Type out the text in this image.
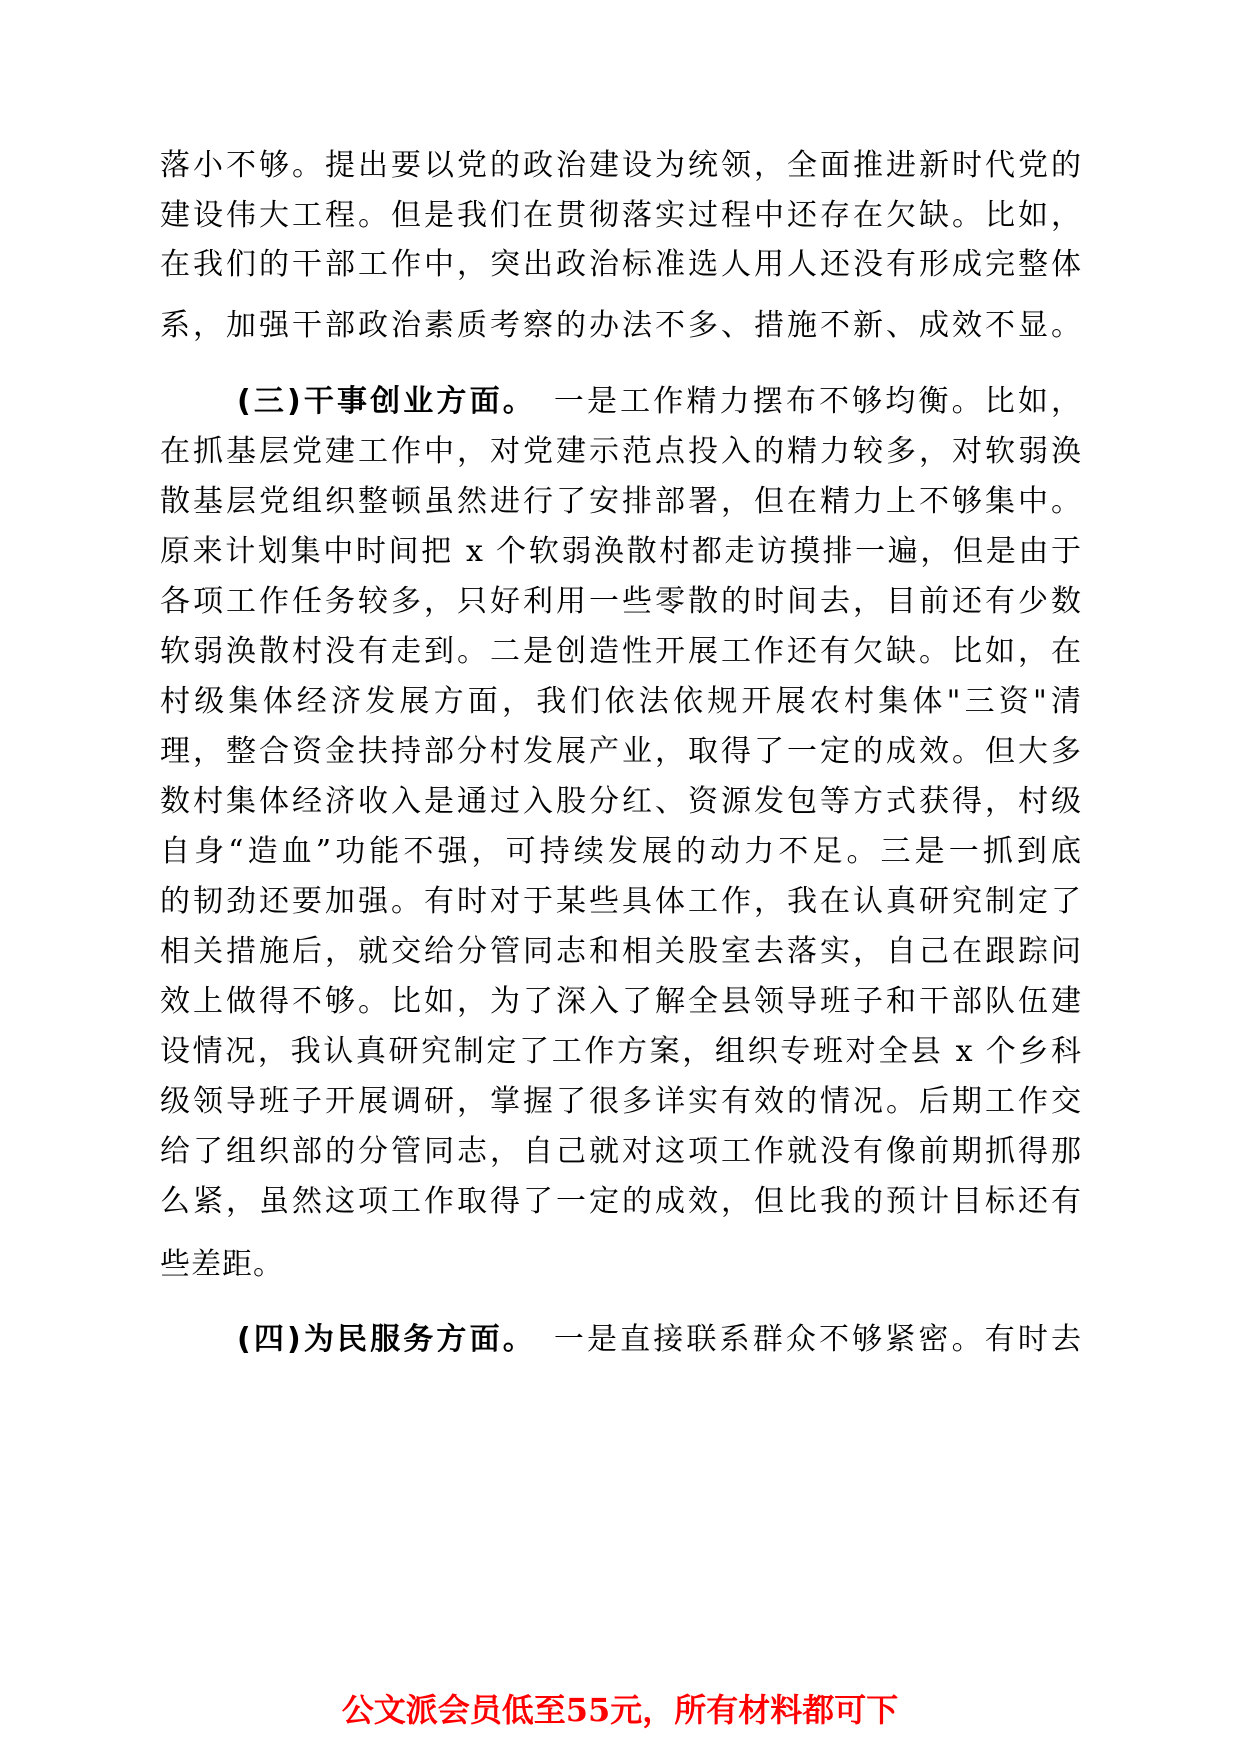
落小不够。提出要以党的政治建设为统领，全面推进新时代党的
建设伟大工程。但是我们在贯彻落实过程中还存在欠缺。比如，
在我们的干部工作中，突出政治标准选人用人还没有形成完整体
系，加强干部政治素质考察的办法不多、措施不新、成效不显。
(三)干事创业方面。 一是工作精力摆布不够均衡。比如，
在抓基层党建工作中，对党建示范点投入的精力较多，对软弱涣
散基层党组织整顿虽然进行了安排部署，但在精力上不够集中。
原来计划集中时间把 x 个软弱涣散村都走访摸排一遍，但是由于
各项工作任务较多，只好利用一些零散的时间去，目前还有少数
软弱涣散村没有走到。二是创造性开展工作还有欠缺。比如，在
村级集体经济发展方面，我们依法依规开展农村集体"三资"清
理，整合资金扶持部分村发展产业，取得了一定的成效。但大多
数村集体经济收入是通过入股分红、资源发包等方式获得，村级
自身“造血”功能不强，可持续发展的动力不足。三是一抓到底
的韧劲还要加强。有时对于某些具体工作，我在认真研究制定了
相关措施后，就交给分管同志和相关股室去落实，自己在跟踪问
效上做得不够。比如，为了深入了解全县领导班子和干部队伍建
设情况，我认真研究制定了工作方案，组织专班对全县 x 个乡科
级领导班子开展调研，掌握了很多详实有效的情况。后期工作交
给了组织部的分管同志，自己就对这项工作就没有像前期抓得那
么紧，虽然这项工作取得了一定的成效，但比我的预计目标还有
些差距。
(四)为民服务方面。 一是直接联系群众不够紧密。有时去
公文派会员低至55元，所有材料都可下
